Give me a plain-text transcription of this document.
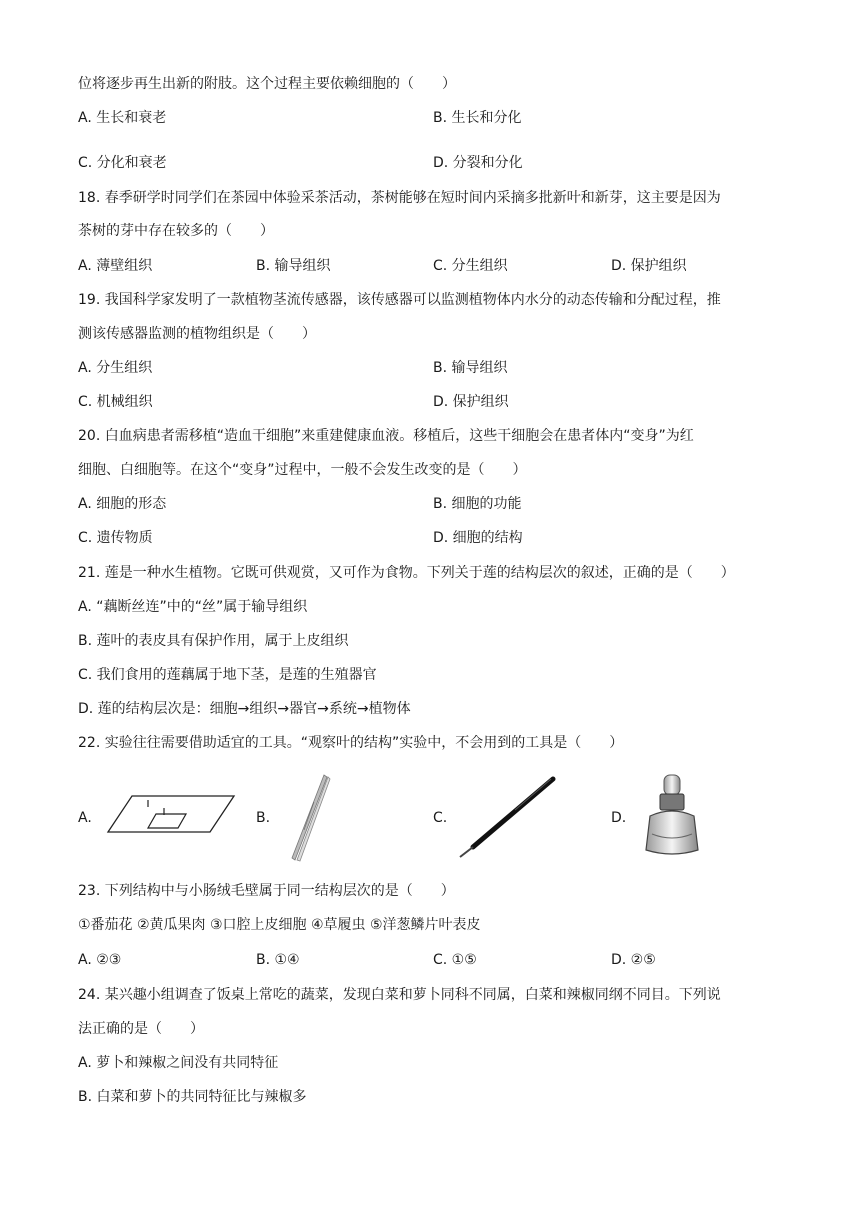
位将逐步再生出新的附肢。这个过程主要依赖细胞的（　　）
A. 生长和衰老	B. 生长和分化
C. 分化和衰老	D. 分裂和分化
18. 春季研学时同学们在茶园中体验采茶活动，茶树能够在短时间内采摘多批新叶和新芽，这主要是因为
茶树的芽中存在较多的（　　）
A. 薄壁组织	B. 输导组织	C. 分生组织	D. 保护组织
19. 我国科学家发明了一款植物茎流传感器，该传感器可以监测植物体内水分的动态传输和分配过程，推
测该传感器监测的植物组织是（　　）
A. 分生组织	B. 输导组织
C. 机械组织	D. 保护组织
20. 白血病患者需移植“造血干细胞”来重建健康血液。移植后，这些干细胞会在患者体内“变身”为红
细胞、白细胞等。在这个“变身”过程中，一般不会发生改变的是（　　）
A. 细胞的形态	B. 细胞的功能
C. 遗传物质	D. 细胞的结构
21. 莲是一种水生植物。它既可供观赏，又可作为食物。下列关于莲的结构层次的叙述，正确的是（　　）
A. “藕断丝连”中的“丝”属于输导组织
B. 莲叶的表皮具有保护作用，属于上皮组织
C. 我们食用的莲藕属于地下茎，是莲的生殖器官
D. 莲的结构层次是：细胞→组织→器官→系统→植物体
22. 实验往往需要借助适宜的工具。“观察叶的结构”实验中，不会用到的工具是（　　）
A.	B.	C.	D.
23. 下列结构中与小肠绒毛壁属于同一结构层次的是（　　）
①番茄花 ②黄瓜果肉 ③口腔上皮细胞 ④草履虫 ⑤洋葱鳞片叶表皮
A. ②③	B. ①④	C. ①⑤	D. ②⑤
24. 某兴趣小组调查了饭桌上常吃的蔬菜，发现白菜和萝卜同科不同属，白菜和辣椒同纲不同目。下列说
法正确的是（　　）
A. 萝卜和辣椒之间没有共同特征
B. 白菜和萝卜的共同特征比与辣椒多
